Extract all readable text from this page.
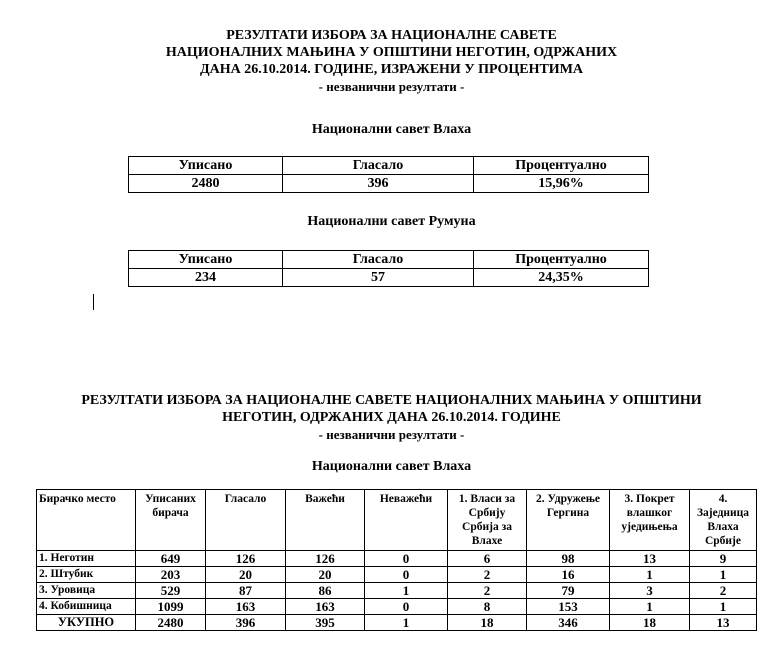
РЕЗУЛТАТИ ИЗБОРА ЗА НАЦИОНАЛНЕ САВЕТЕ
НАЦИОНАЛНИХ МАЊИНА У ОПШТИНИ НЕГОТИН, ОДРЖАНИХ
ДАНА 26.10.2014. ГОДИНЕ, ИЗРАЖЕНИ У ПРОЦЕНТИМА
- незванични резултати -
Национални савет Влаха
Уписано	Гласало	Процентуално
2480	396	15,96%
Национални савет Румуна
Уписано	Гласало	Процентуално
234	57	24,35%
РЕЗУЛТАТИ ИЗБОРА ЗА НАЦИОНАЛНЕ САВЕТЕ НАЦИОНАЛНИХ МАЊИНА У ОПШТИНИ
НЕГОТИН, ОДРЖАНИХ ДАНА 26.10.2014. ГОДИНЕ
- незванични резултати -
Национални савет Влаха
Бирачко место	Уписаних бирача	Гласало	Важећи	Неважећи	1. Власи за Србију Србија за Влахе	2. Удружење Гергина	3. Покрет влашког уједињења	4. Заједница Влаха Србије
1. Неготин	649	126	126	0	6	98	13	9
2. Штубик	203	20	20	0	2	16	1	1
3. Уровица	529	87	86	1	2	79	3	2
4. Кобишница	1099	163	163	0	8	153	1	1
УКУПНО	2480	396	395	1	18	346	18	13
